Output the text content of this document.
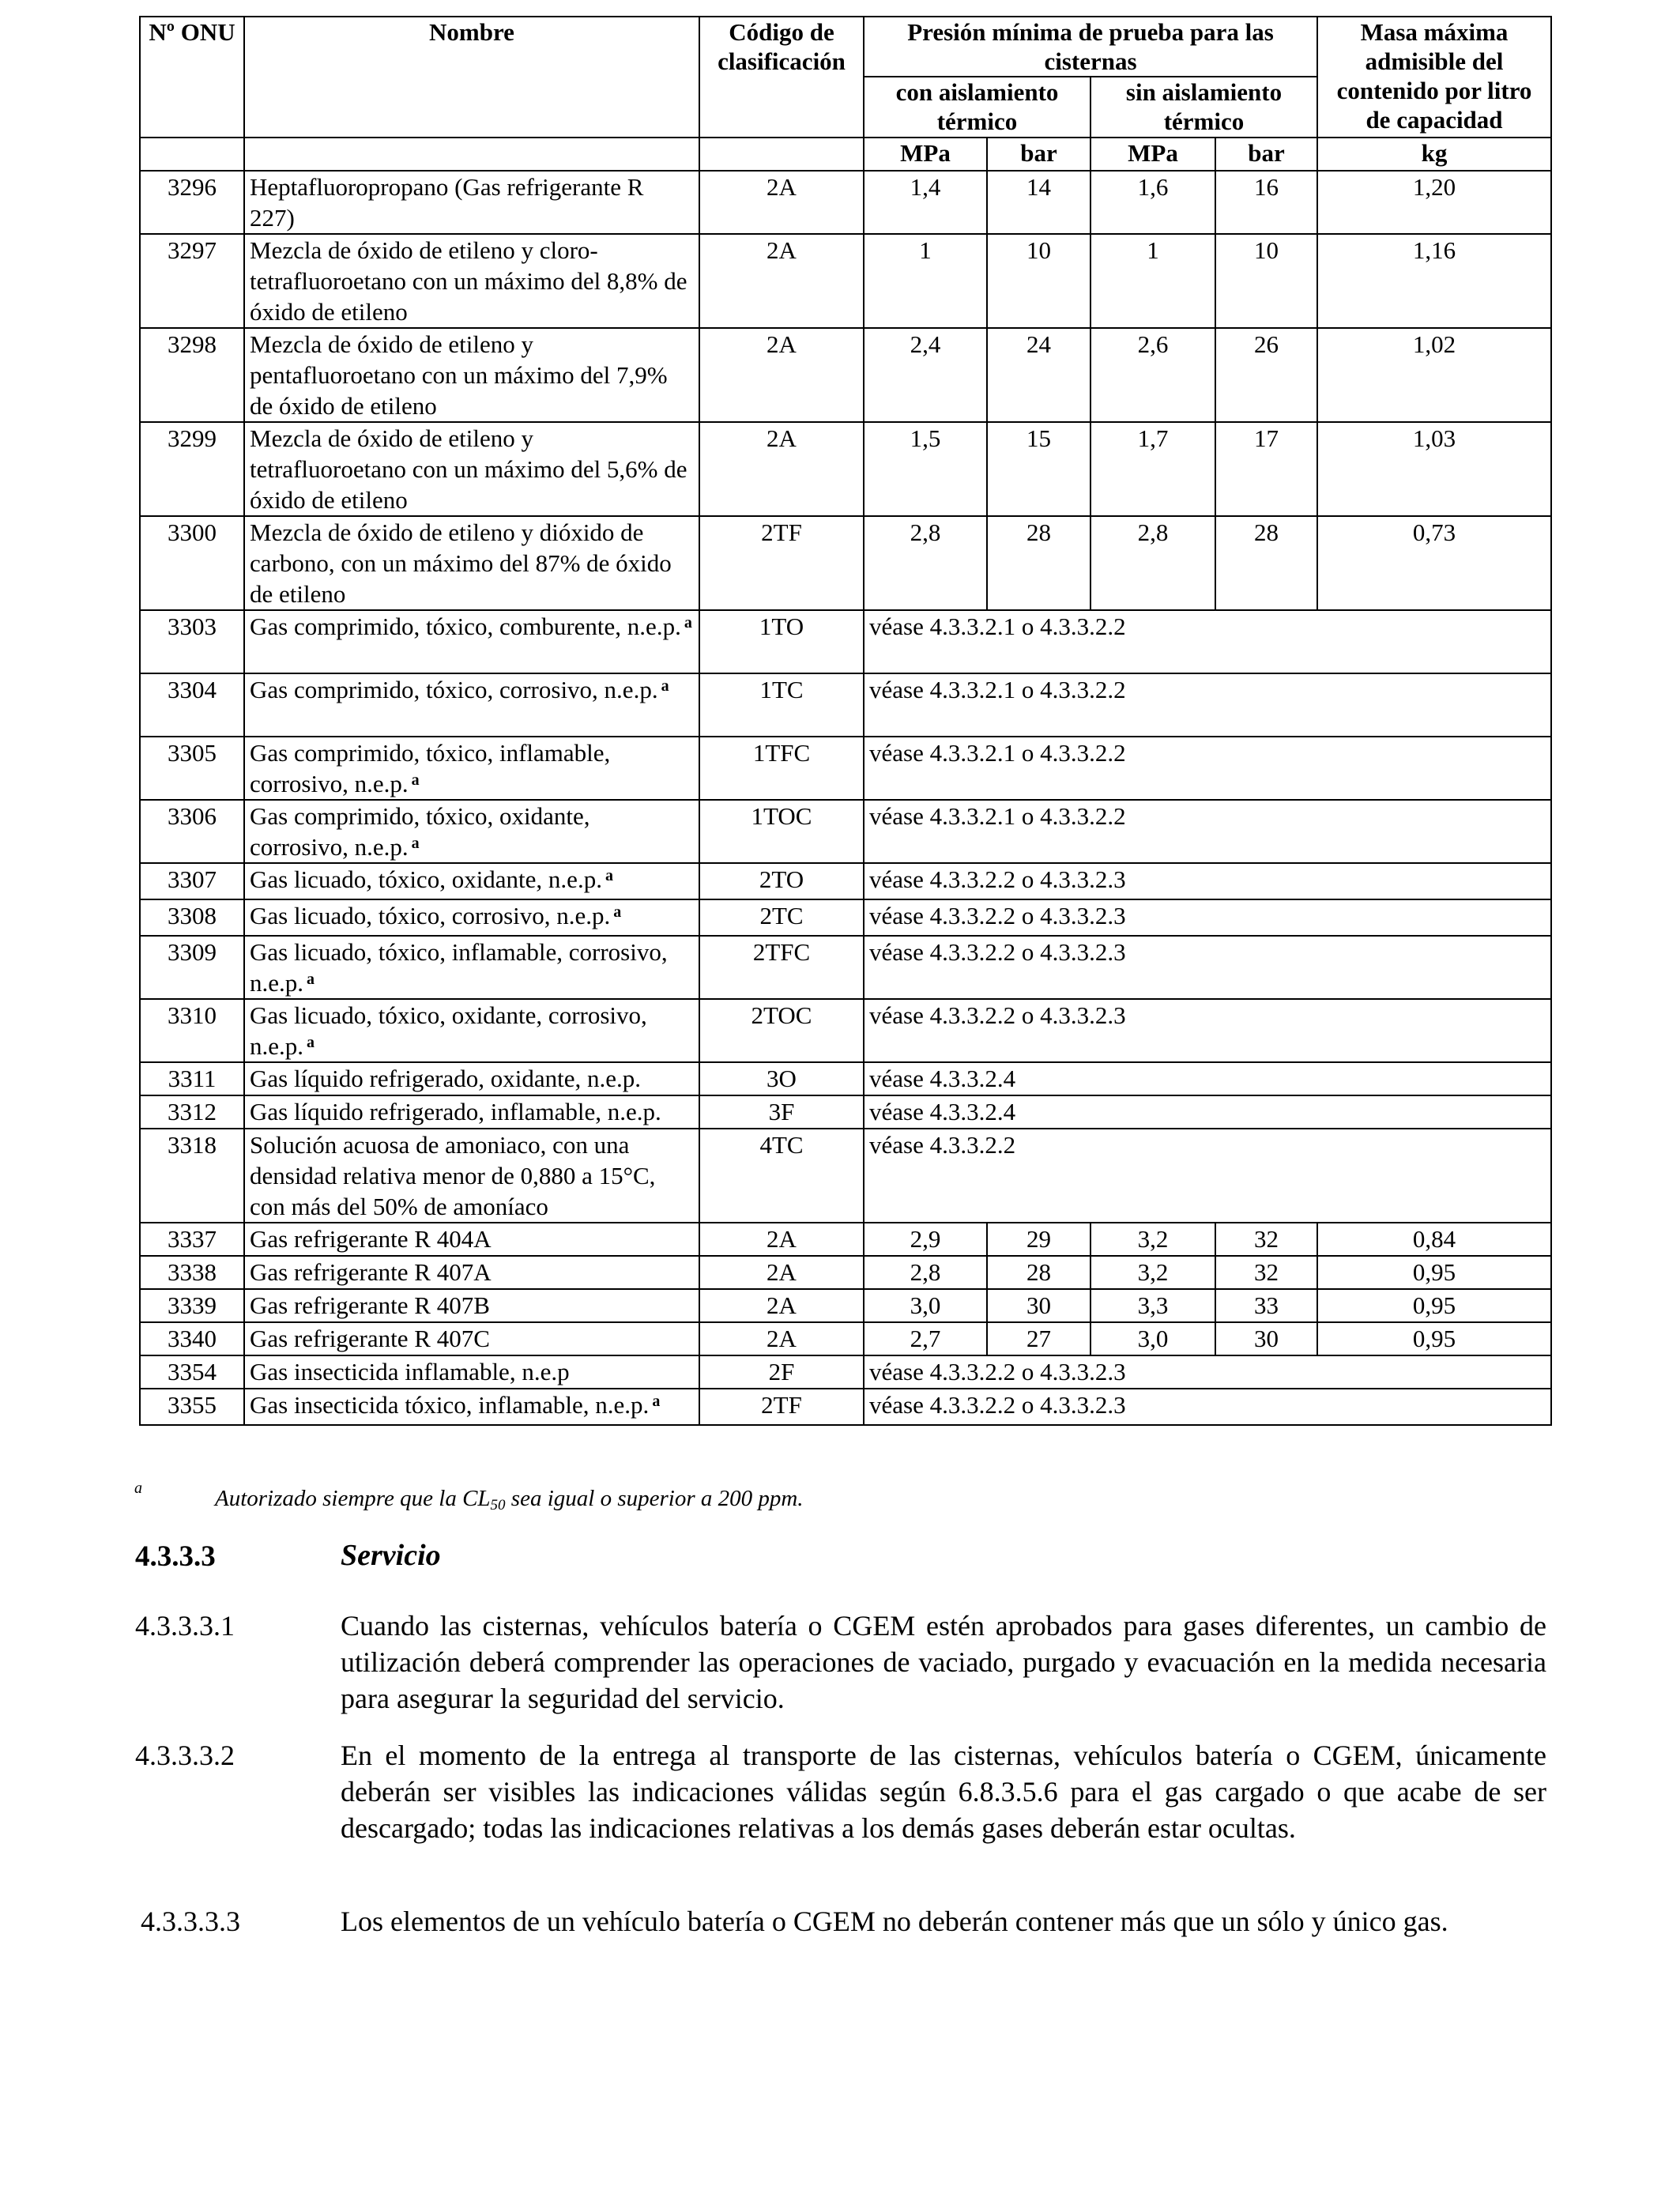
Nº ONU	Nombre	Código de clasificación	Presión mínima de prueba para las cisternas				Masa máxima admisible del contenido por litro de capacidad
			con aislamiento térmico		sin aislamiento térmico		
			MPa	bar	MPa	bar	kg
3296	Heptafluoropropano (Gas refrigerante R 227)	2A	1,4	14	1,6	16	1,20
3297	Mezcla de óxido de etileno y cloro-tetrafluoroetano con un máximo del 8,8% de óxido de etileno	2A	1	10	1	10	1,16
3298	Mezcla de óxido de etileno y pentafluoroetano con un máximo del 7,9% de óxido de etileno	2A	2,4	24	2,6	26	1,02
3299	Mezcla de óxido de etileno y tetrafluoroetano con un máximo del 5,6% de óxido de etileno	2A	1,5	15	1,7	17	1,03
3300	Mezcla de óxido de etileno y dióxido de carbono, con un máximo del 87% de óxido de etileno	2TF	2,8	28	2,8	28	0,73
3303	Gas comprimido, tóxico, comburente, n.e.p. $^a$	1TO	véase 4.3.3.2.1 o 4.3.3.2.2				
3304	Gas comprimido, tóxico, corrosivo, n.e.p. $^a$	1TC	véase 4.3.3.2.1 o 4.3.3.2.2				
3305	Gas comprimido, tóxico, inflamable, corrosivo, n.e.p. $^a$	1TFC	véase 4.3.3.2.1 o 4.3.3.2.2				
3306	Gas comprimido, tóxico, oxidante, corrosivo, n.e.p. $^a$	1TOC	véase 4.3.3.2.1 o 4.3.3.2.2				
3307	Gas licuado, tóxico, oxidante, n.e.p. $^a$	2TO	véase 4.3.3.2.2 o 4.3.3.2.3				
3308	Gas licuado, tóxico, corrosivo, n.e.p. $^a$	2TC	véase 4.3.3.2.2 o 4.3.3.2.3				
3309	Gas licuado, tóxico, inflamable, corrosivo, n.e.p. $^a$	2TFC	véase 4.3.3.2.2 o 4.3.3.2.3				
3310	Gas licuado, tóxico, oxidante, corrosivo, n.e.p. $^a$	2TOC	véase 4.3.3.2.2 o 4.3.3.2.3				
3311	Gas líquido refrigerado, oxidante, n.e.p.	3O	véase 4.3.3.2.4				
3312	Gas líquido refrigerado, inflamable, n.e.p.	3F	véase 4.3.3.2.4				
3318	Solución acuosa de amoniaco, con una densidad relativa menor de 0,880 a 15°C, con más del 50% de amoníaco	4TC	véase 4.3.3.2.2				
3337	Gas refrigerante R 404A	2A	2,9	29	3,2	32	0,84
3338	Gas refrigerante R 407A	2A	2,8	28	3,2	32	0,95
3339	Gas refrigerante R 407B	2A	3,0	30	3,3	33	0,95
3340	Gas refrigerante R 407C	2A	2,7	27	3,0	30	0,95
3354	Gas insecticida inflamable, n.e.p	2F	véase 4.3.3.2.2 o 4.3.3.2.3				
3355	Gas insecticida tóxico, inflamable, n.e.p. $^a$	2TF	véase 4.3.3.2.2 o 4.3.3.2.3				
a	Autorizado siempre que la $CL_{50}$ sea igual o superior a 200 ppm.
4.3.3.3	Servicio
4.3.3.3.1	Cuando las cisternas, vehículos batería o CGEM estén aprobados para gases diferentes, un cambio de utilización deberá comprender las operaciones de vaciado, purgado y evacuación en la medida necesaria para asegurar la seguridad del servicio.
4.3.3.3.2	En el momento de la entrega al transporte de las cisternas, vehículos batería o CGEM, únicamente deberán ser visibles las indicaciones válidas según 6.8.3.5.6 para el gas cargado o que acabe de ser descargado; todas las indicaciones relativas a los demás gases deberán estar ocultas.
4.3.3.3.3	Los elementos de un vehículo batería o CGEM no deberán contener más que un sólo y único gas.
